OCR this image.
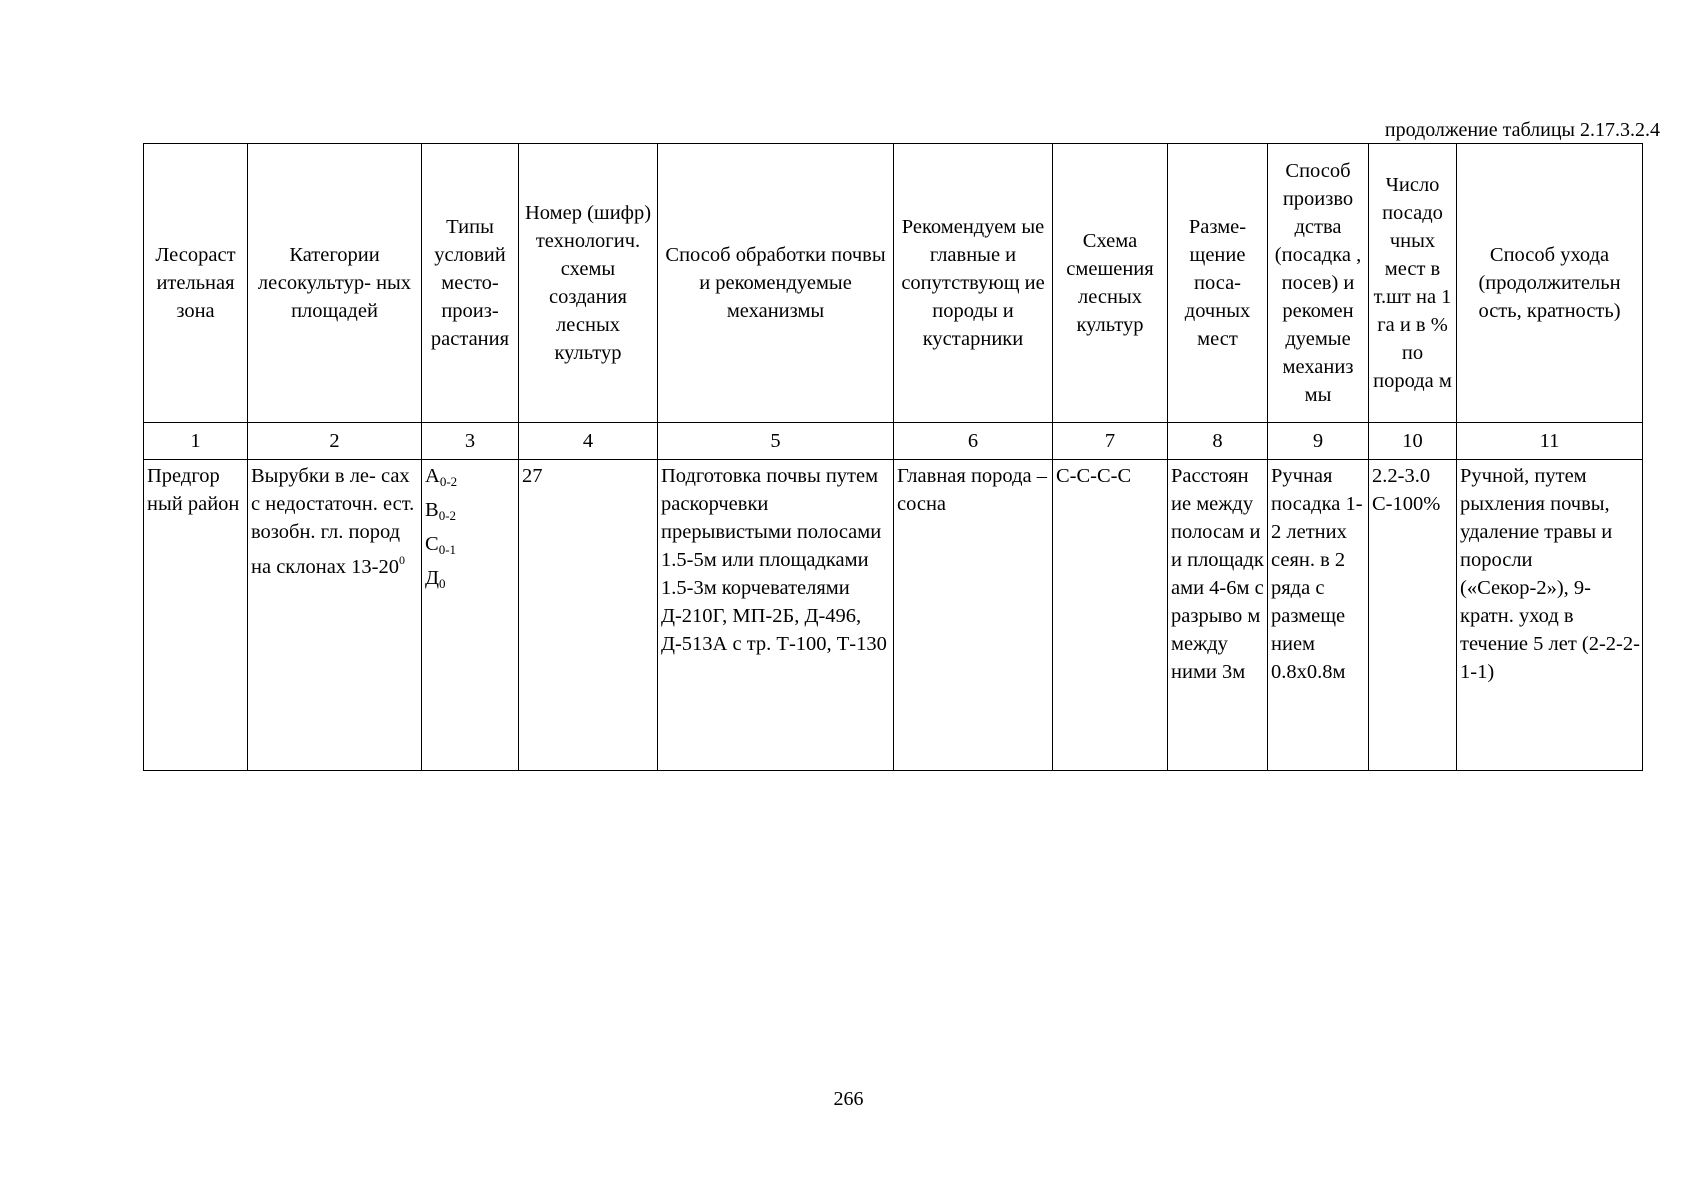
продолжение таблицы 2.17.3.2.4
Лесораст ительная зона	Категории лесокультур- ных площадей	Типы условий место- произ- растания	Номер (шифр) технологич. схемы создания лесных культур	Способ обработки почвы и рекомендуемые механизмы	Рекомендуем ые главные и сопутствующ ие породы и кустарники	Схема смешения лесных культур	Разме- щение поса- дочных мест	Способ произво дства (посадка , посев) и рекомен дуемые механиз мы	Число посадо чных мест в т.шт на 1 га и в % по порода м	Способ ухода (продолжительн ость, кратность)
1	2	3	4	5	6	7	8	9	10	11
Предгор ный район	Вырубки в ле- сах с недостаточн. ест. возобн. гл. пород на склонах $13-20^0$	$А_{0-2}$
$В_{0-2}$
$С_{0-1}$
$Д_0$	27	Подготовка почвы путем раскорчевки прерывистыми полосами 1.5-5м или площадками 1.5-3м корчевателями Д-210Г, МП-2Б, Д-496, Д-513А с тр. Т-100, Т-130	Главная порода – сосна	С-С-С-С	Расстоян ие между полосам и и площадк ами 4-6м с разрыво м между ними 3м	Ручная посадка 1-2 летних сеян. в 2 ряда с размеще нием 0.8х0.8м	2.2-3.0 С-100%	Ручной, путем рыхления почвы, удаление травы и поросли («Секор-2»), 9-кратн. уход в течение 5 лет (2-2-2-1-1)
266
